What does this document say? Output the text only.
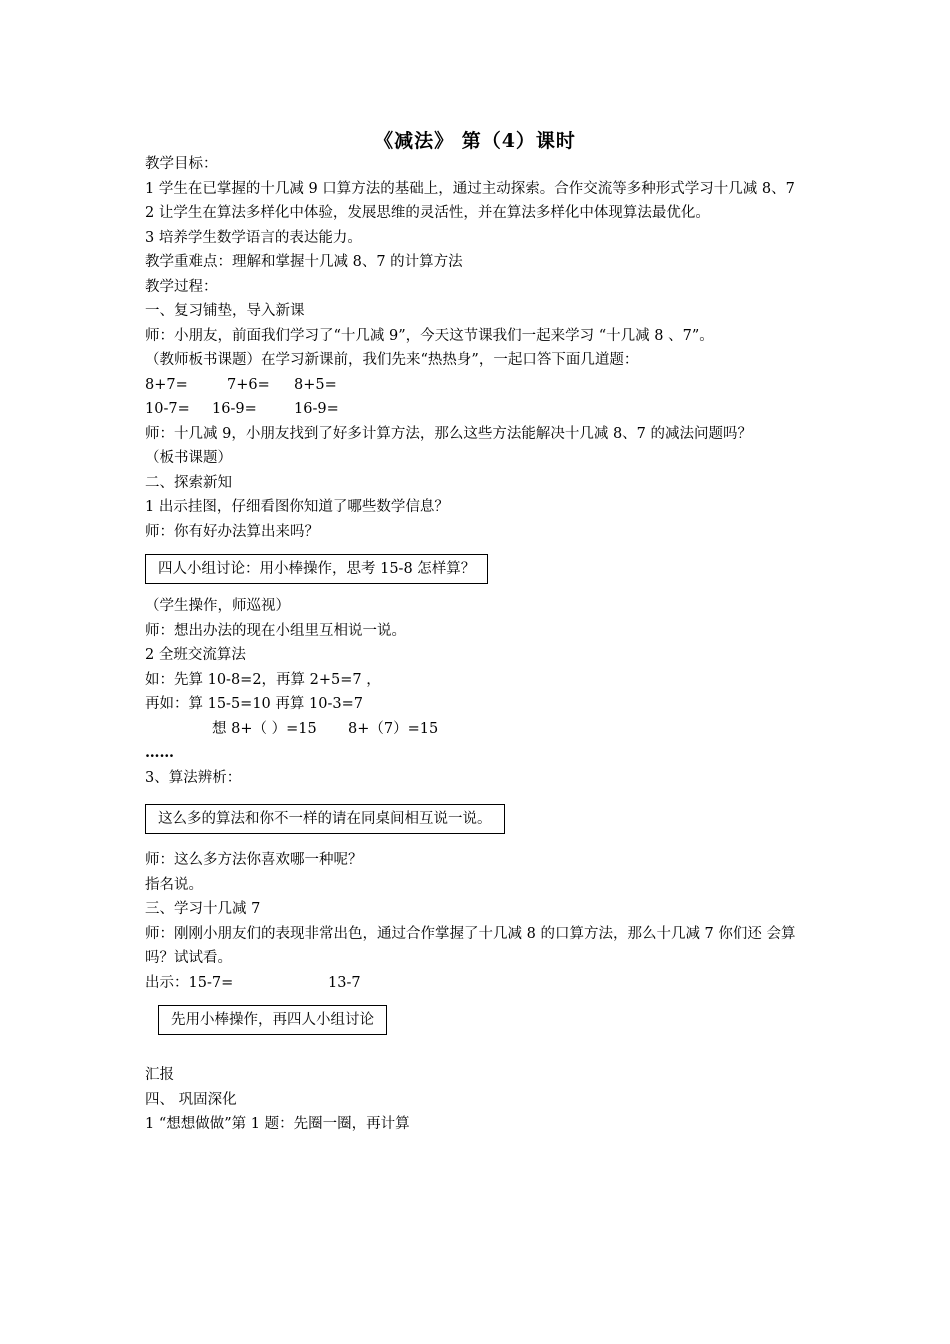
《减法》 第（4）课时
教学目标：
1 学生在已掌握的十几减 9 口算方法的基础上，通过主动探索。合作交流等多种形式学习十几减 8、7
2 让学生在算法多样化中体验，发展思维的灵活性，并在算法多样化中体现算法最优化。
3 培养学生数学语言的表达能力。
教学重难点：理解和掌握十几减 8、7 的计算方法
教学过程：
一、复习铺垫，导入新课
师：小朋友，前面我们学习了“十几减 9”，今天这节课我们一起来学习 “十几减 8 、7”。
（教师板书课题）在学习新课前，我们先来“热热身”，一起口答下面几道题：
8+7=	7+6= 8+5=
10-7= 16-9=	16-9=
师：十几减 9，小朋友找到了好多计算方法，那么这些方法能解决十几减 8、7 的减法问题吗？
（板书课题）
二、探索新知
1 出示挂图，仔细看图你知道了哪些数学信息？
师：你有好办法算出来吗？
四人小组讨论：用小棒操作，思考 15-8 怎样算？
（学生操作，师巡视）
师：想出办法的现在小组里互相说一说。
2 全班交流算法
如：先算 10-8=2，再算 2+5=7 ，
再如：算 15-5=10 再算 10-3=7
想 8+（ ）=15 8+（7）=15
……
3、算法辨析：
这么多的算法和你不一样的请在同桌间相互说一说。
师：这么多方法你喜欢哪一种呢？
指名说。
三、学习十几减 7
师：刚刚小朋友们的表现非常出色，通过合作掌握了十几减 8 的口算方法，那么十几减 7 你们还 会算吗？试试看。
出示：15-7=	13-7
先用小棒操作，再四人小组讨论
汇报
四、 巩固深化
1 “想想做做”第 1 题：先圈一圈，再计算
